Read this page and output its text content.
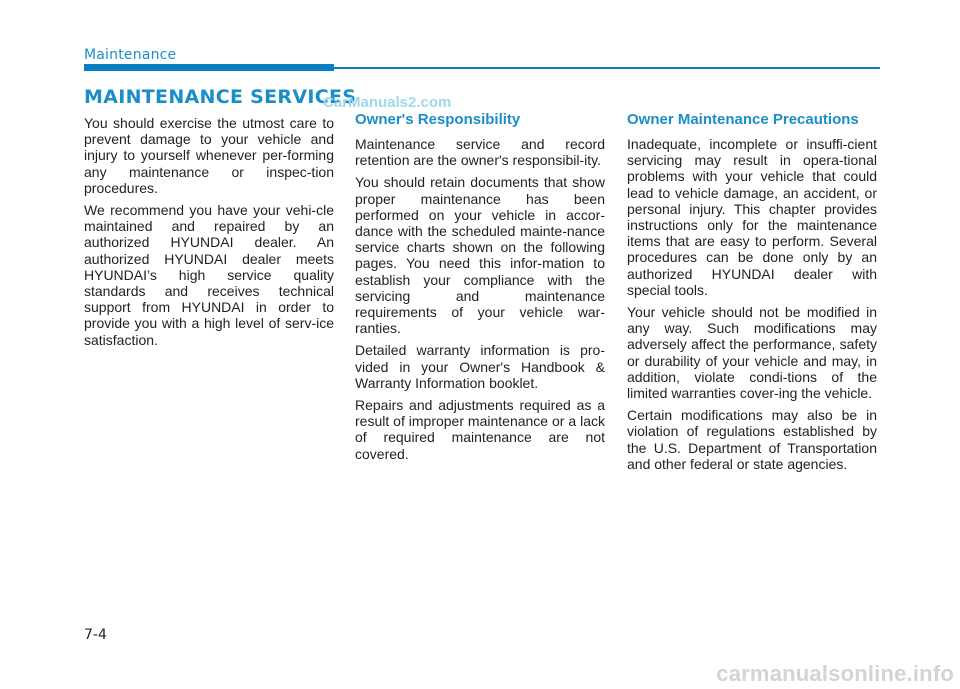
Maintenance
MAINTENANCE SERVICES
CarManuals2.com

You should exercise the utmost care to prevent damage to your vehicle and injury to yourself whenever per-forming any maintenance or inspec-tion procedures.

We recommend you have your vehi-cle maintained and repaired by an authorized HYUNDAI dealer. An authorized HYUNDAI dealer meets HYUNDAI’s high service quality standards and receives technical support from HYUNDAI in order to provide you with a high level of serv-ice satisfaction.

Owner's Responsibility

Maintenance service and record retention are the owner's responsibil-ity.

You should retain documents that show proper maintenance has been performed on your vehicle in accor-dance with the scheduled mainte-nance service charts shown on the following pages. You need this infor-mation to establish your compliance with the servicing and maintenance requirements of your vehicle war-ranties.

Detailed warranty information is pro-vided in your Owner's Handbook & Warranty Information booklet.

Repairs and adjustments required as a result of improper maintenance or a lack of required maintenance are not covered.

Owner Maintenance Precautions

Inadequate, incomplete or insuffi-cient servicing may result in opera-tional problems with your vehicle that could lead to vehicle damage, an accident, or personal injury. This chapter provides instructions only for the maintenance items that are easy to perform. Several procedures can be done only by an authorized HYUNDAI dealer with special tools.

Your vehicle should not be modified in any way. Such modifications may adversely affect the performance, safety or durability of your vehicle and may, in addition, violate condi-tions of the limited warranties cover-ing the vehicle.

Certain modifications may also be in violation of regulations established by the U.S. Department of Transportation and other federal or state agencies.

7-4
carmanualsonline.info
